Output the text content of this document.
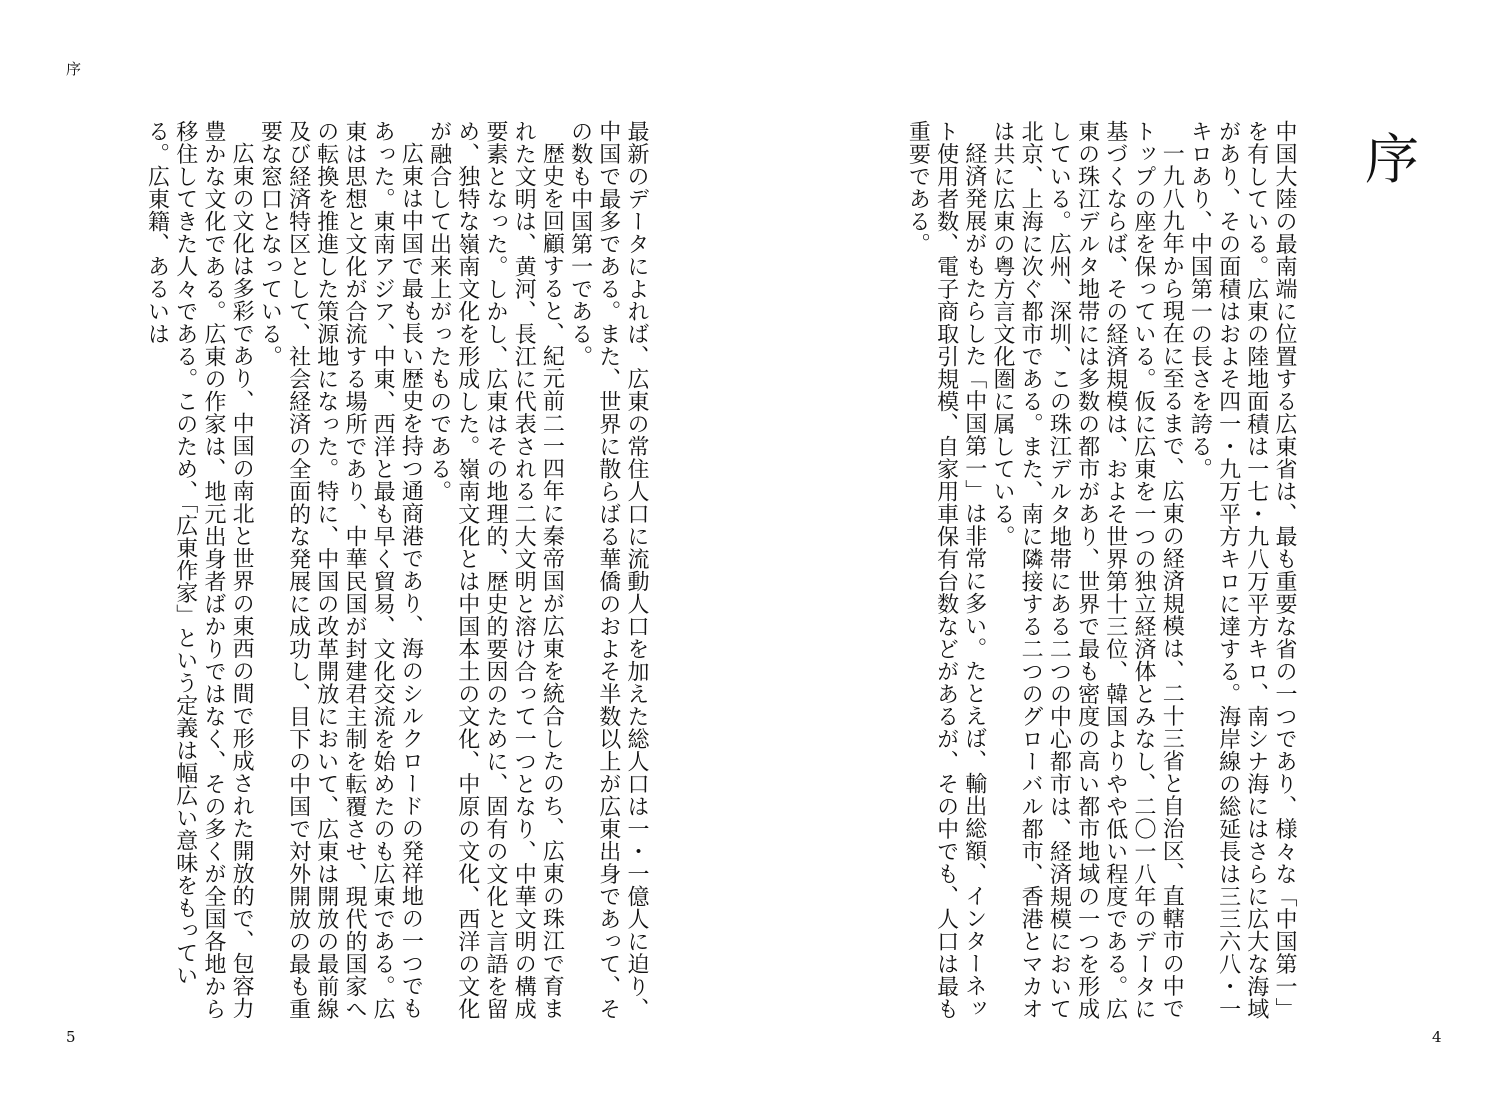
序
序

中国大陸の最南端に位置する広東省は、最も重要な省の一つであり、様々な「中国第一」を有している。広東の陸地面積は一七・九八万平方キロ、南シナ海にはさらに広大な海域があり、その面積はおよそ四一・九万平方キロに達する。海岸線の総延長は三三六八・一キロあり、中国第一の長さを誇る。

一九八九年から現在に至るまで、広東の経済規模は、二十三省と自治区、直轄市の中でトップの座を保っている。仮に広東を一つの独立経済体とみなし、二〇一八年のデータに基づくならば、その経済規模は、およそ世界第十三位、韓国よりやや低い程度である。広東の珠江デルタ地帯には多数の都市があり、世界で最も密度の高い都市地域の一つを形成している。広州、深圳、この珠江デルタ地帯にある二つの中心都市は、経済規模において北京、上海に次ぐ都市である。また、南に隣接する二つのグローバル都市、香港とマカオは共に広東の粤方言文化圏に属している。

経済発展がもたらした「中国第一」は非常に多い。たとえば、輸出総額、インターネット使用者数、電子商取引規模、自家用車保有台数などがあるが、その中でも、人口は最も重要である。

最新のデータによれば、広東の常住人口に流動人口を加えた総人口は一・一億人に迫り、中国で最多である。また、世界に散らばる華僑のおよそ半数以上が広東出身であって、その数も中国第一である。

歴史を回顧すると、紀元前二一四年に秦帝国が広東を統合したのち、広東の珠江で育まれた文明は、黄河、長江に代表される二大文明と溶け合って一つとなり、中華文明の構成要素となった。しかし、広東はその地理的、歴史的要因のために、固有の文化と言語を留め、独特な嶺南文化を形成した。嶺南文化とは中国本土の文化、中原の文化、西洋の文化が融合して出来上がったものである。

広東は中国で最も長い歴史を持つ通商港であり、海のシルクロードの発祥地の一つでもあった。東南アジア、中東、西洋と最も早く貿易、文化交流を始めたのも広東である。広東は思想と文化が合流する場所であり、中華民国が封建君主制を転覆させ、現代的国家への転換を推進した策源地になった。特に、中国の改革開放において、広東は開放の最前線及び経済特区として、社会経済の全面的な発展に成功し、目下の中国で対外開放の最も重要な窓口となっている。

広東の文化は多彩であり、中国の南北と世界の東西の間で形成された開放的で、包容力豊かな文化である。広東の作家は、地元出身者ばかりではなく、その多くが全国各地から移住してきた人々である。このため、「広東作家」という定義は幅広い意味をもっている。広東籍、あるいは

5	4
